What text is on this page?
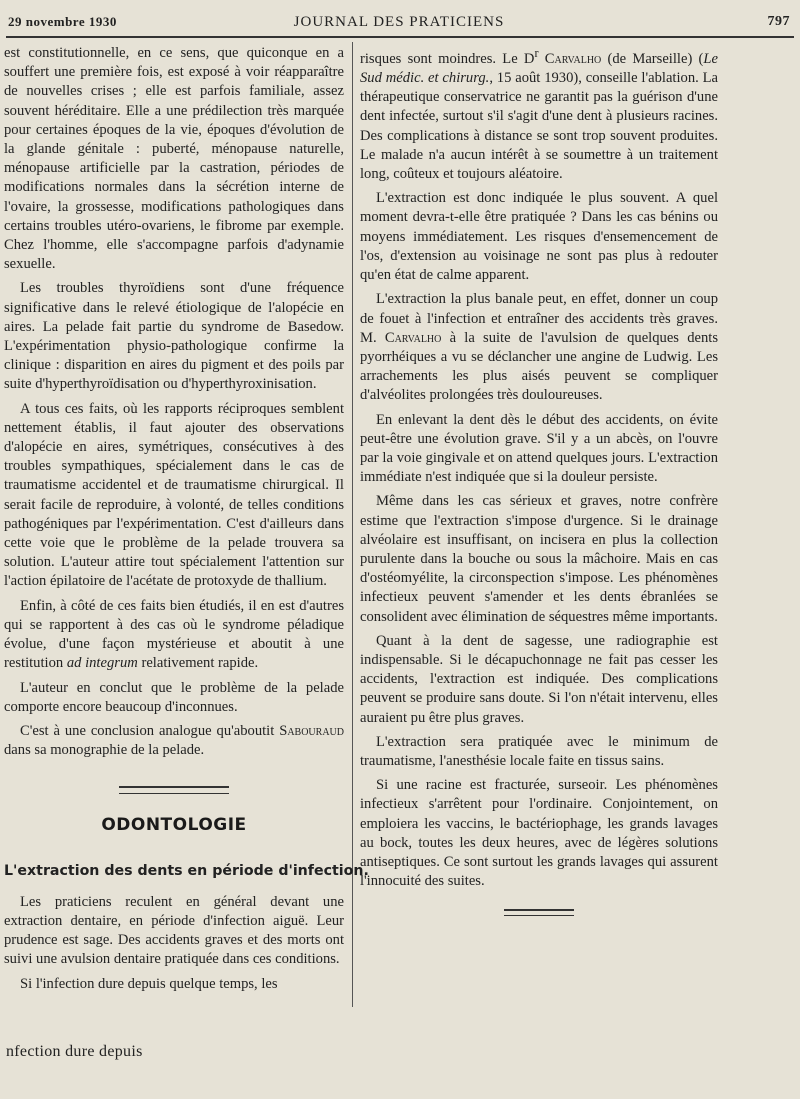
29 novembre 1930	JOURNAL DES PRATICIENS	797

est constitutionnelle, en ce sens, que quiconque en a souffert une première fois, est exposé à voir réapparaître de nouvelles crises ; elle est parfois familiale, assez souvent héréditaire. Elle a une prédilection très marquée pour certaines époques de la vie, époques d'évolution de la glande génitale : puberté, ménopause naturelle, ménopause artificielle par la castration, périodes de modifications normales dans la sécrétion interne de l'ovaire, la grossesse, modifications pathologiques dans certains troubles utéro-ovariens, le fibrome par exemple. Chez l'homme, elle s'accompagne parfois d'adynamie sexuelle.

Les troubles thyroïdiens sont d'une fréquence significative dans le relevé étiologique de l'alopécie en aires. La pelade fait partie du syndrome de Basedow. L'expérimentation physio-pathologique confirme la clinique : disparition en aires du pigment et des poils par suite d'hyperthyroïdisation ou d'hyperthyroxinisation.

A tous ces faits, où les rapports réciproques semblent nettement établis, il faut ajouter des observations d'alopécie en aires, symétriques, consécutives à des troubles sympathiques, spécialement dans le cas de traumatisme accidentel et de traumatisme chirurgical. Il serait facile de reproduire, à volonté, de telles conditions pathogéniques par l'expérimentation. C'est d'ailleurs dans cette voie que le problème de la pelade trouvera sa solution. L'auteur attire tout spécialement l'attention sur l'action épilatoire de l'acétate de protoxyde de thallium.

Enfin, à côté de ces faits bien étudiés, il en est d'autres qui se rapportent à des cas où le syndrome péladique évolue, d'une façon mystérieuse et aboutit à une restitution ad integrum relativement rapide.

L'auteur en conclut que le problème de la pelade comporte encore beaucoup d'inconnues.

C'est à une conclusion analogue qu'aboutit Sabouraud dans sa monographie de la pelade.

ODONTOLOGIE
L'extraction des dents en période d'infection.

Les praticiens reculent en général devant une extraction dentaire, en période d'infection aiguë. Leur prudence est sage. Des accidents graves et des morts ont suivi une avulsion dentaire pratiquée dans ces conditions.

Si l'infection dure depuis quelque temps, les

risques sont moindres. Le $D^r$ Carvalho (de Marseille) (Le Sud médic. et chirurg., 15 août 1930), conseille l'ablation. La thérapeutique conservatrice ne garantit pas la guérison d'une dent infectée, surtout s'il s'agit d'une dent à plusieurs racines. Des complications à distance se sont trop souvent produites. Le malade n'a aucun intérêt à se soumettre à un traitement long, coûteux et toujours aléatoire.

L'extraction est donc indiquée le plus souvent. A quel moment devra-t-elle être pratiquée ? Dans les cas bénins ou moyens immédiatement. Les risques d'ensemencement de l'os, d'extension au voisinage ne sont pas plus à redouter qu'en état de calme apparent.

L'extraction la plus banale peut, en effet, donner un coup de fouet à l'infection et entraîner des accidents très graves. M. Carvalho à la suite de l'avulsion de quelques dents pyorrhéiques a vu se déclancher une angine de Ludwig. Les arrachements les plus aisés peuvent se compliquer d'alvéolites prolongées très douloureuses.

En enlevant la dent dès le début des accidents, on évite peut-être une évolution grave. S'il y a un abcès, on l'ouvre par la voie gingivale et on attend quelques jours. L'extraction immédiate n'est indiquée que si la douleur persiste.

Même dans les cas sérieux et graves, notre confrère estime que l'extraction s'impose d'urgence. Si le drainage alvéolaire est insuffisant, on incisera en plus la collection purulente dans la bouche ou sous la mâchoire. Mais en cas d'ostéomyélite, la circonspection s'impose. Les phénomènes infectieux peuvent s'amender et les dents ébranlées se consolident avec élimination de séquestres même importants.

Quant à la dent de sagesse, une radiographie est indispensable. Si le décapuchonnage ne fait pas cesser les accidents, l'extraction est indiquée. Des complications peuvent se produire sans doute. Si l'on n'était intervenu, elles auraient pu être plus graves.

L'extraction sera pratiquée avec le minimum de traumatisme, l'anesthésie locale faite en tissus sains.

Si une racine est fracturée, surseoir. Les phénomènes infectieux s'arrêtent pour l'ordinaire. Conjointement, on emploiera les vaccins, le bactériophage, les grands lavages au bock, toutes les deux heures, avec de légères solutions antiseptiques. Ce sont surtout les grands lavages qui assurent l'innocuité des suites.

nfection dure depuis
